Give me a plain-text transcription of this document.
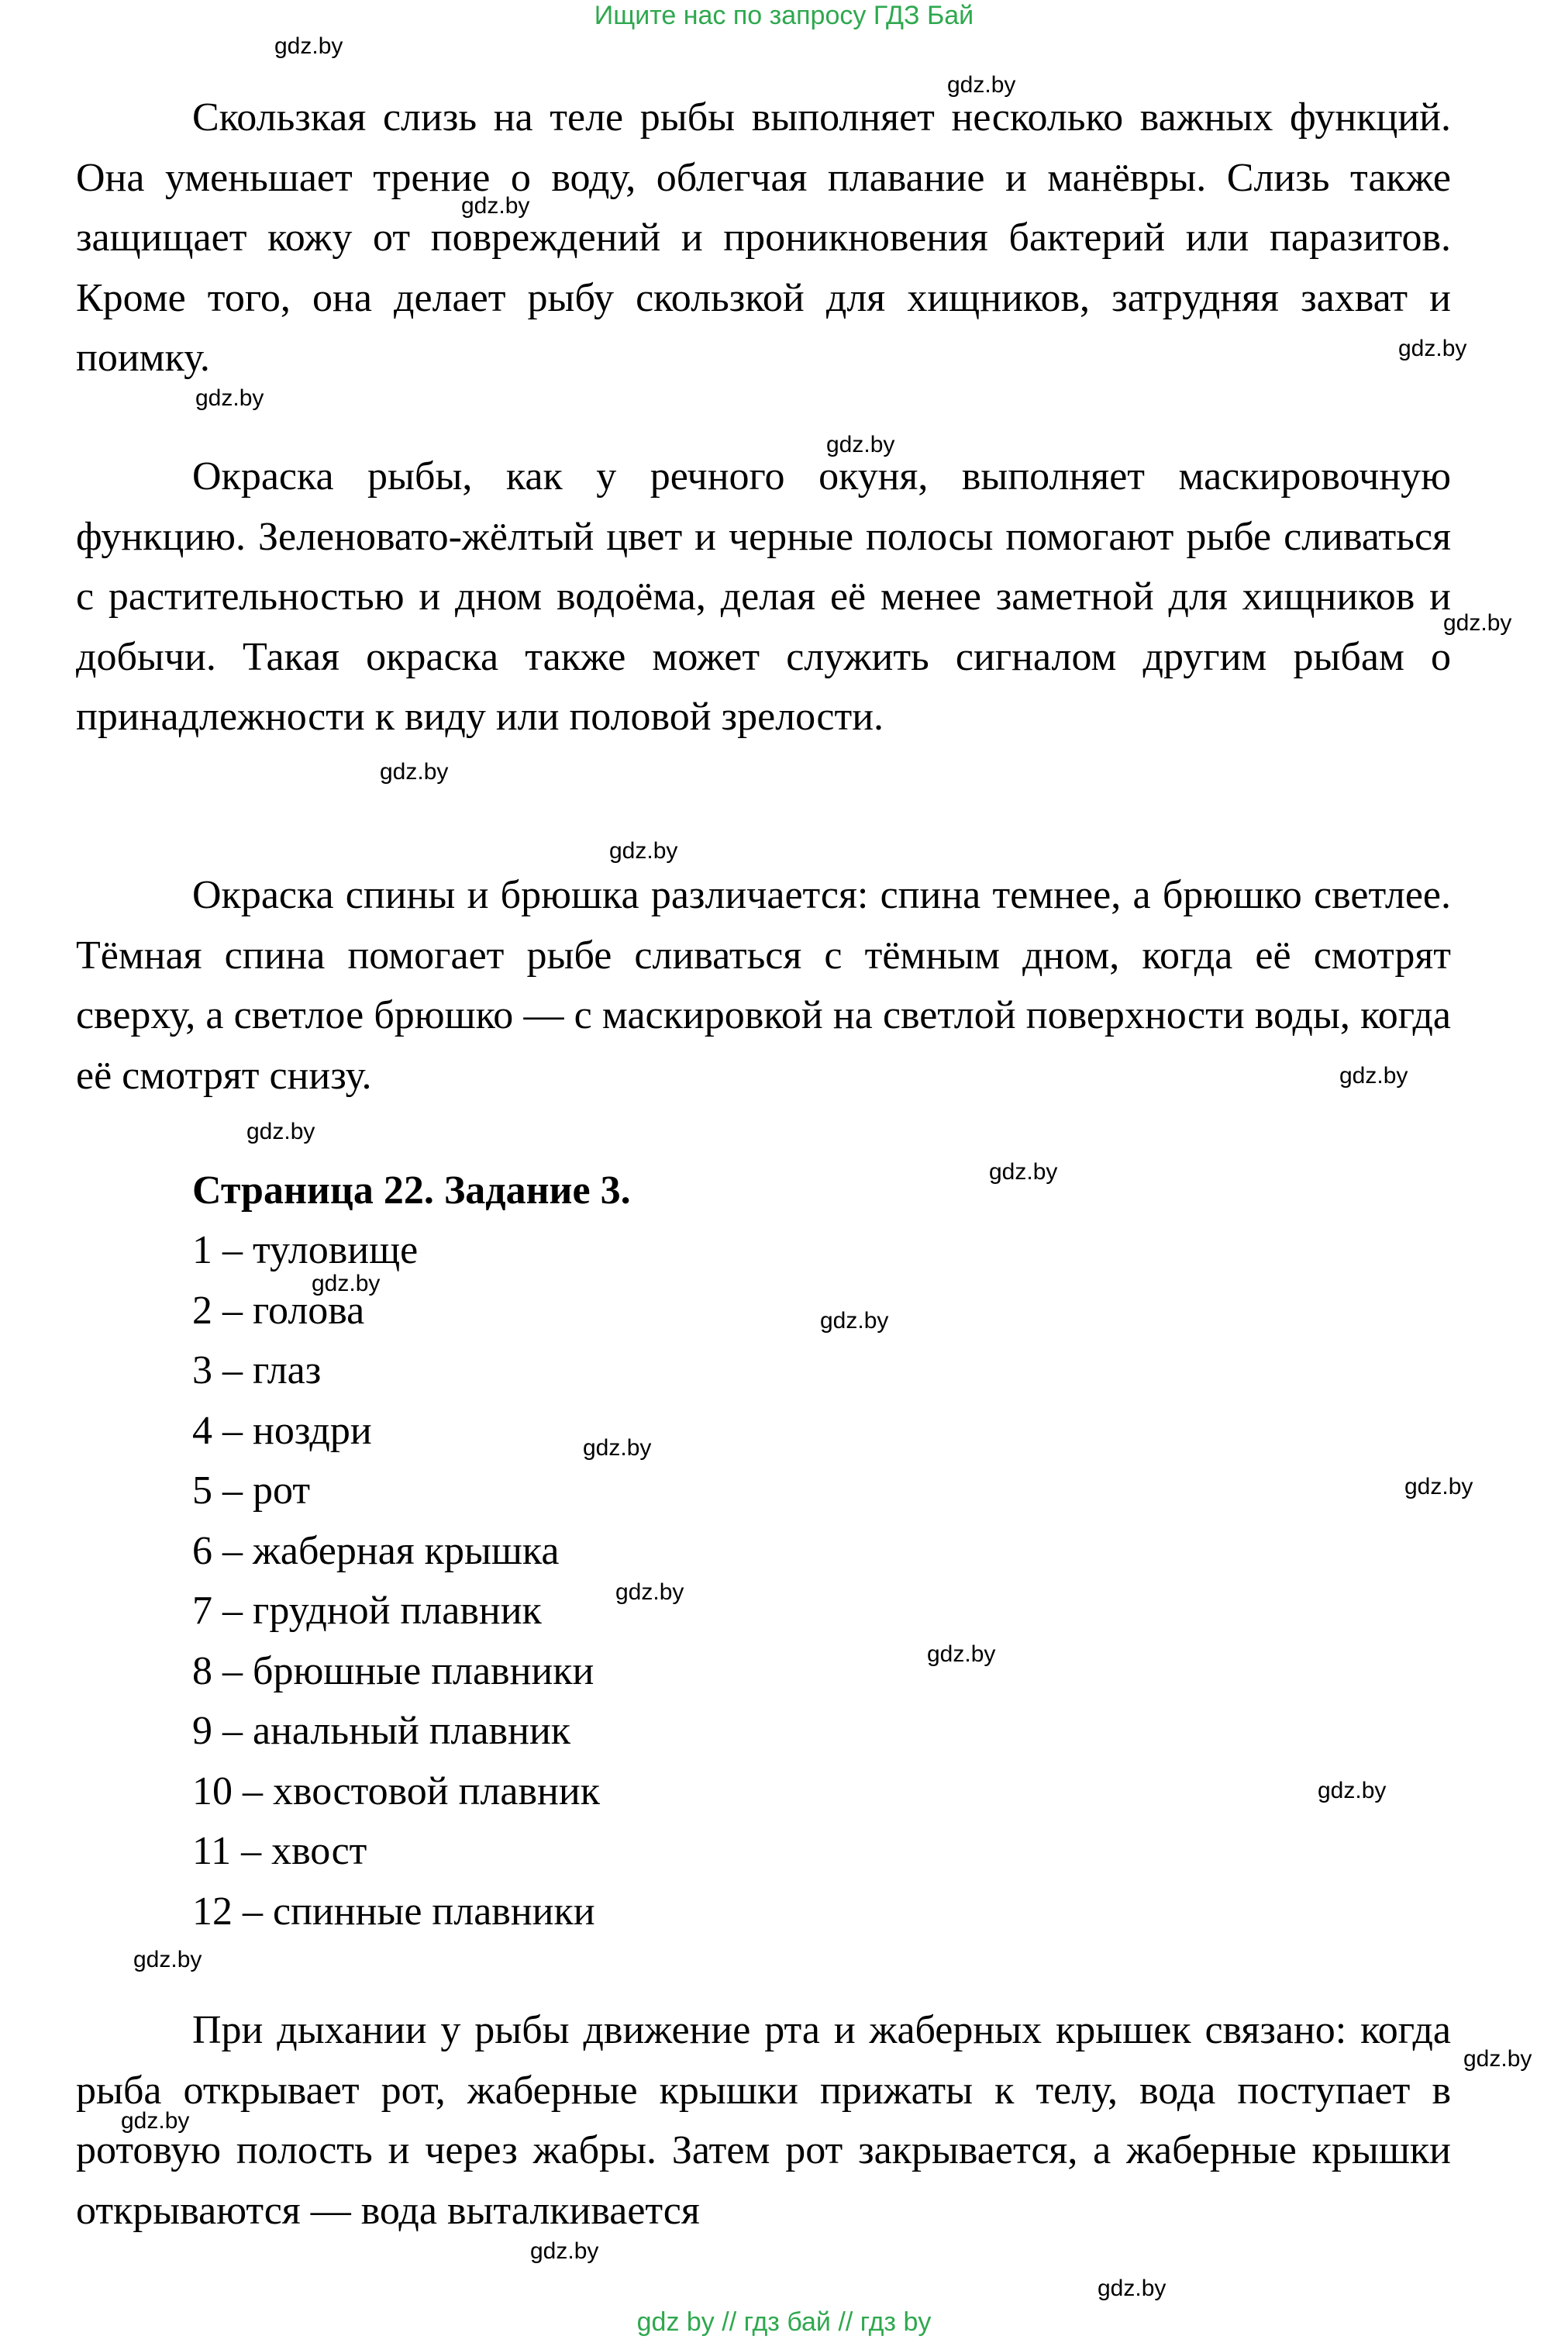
Ищите нас по запросу ГДЗ Бай
Скользкая слизь на теле рыбы выполняет несколько важных функций. Она уменьшает трение о воду, облегчая плавание и манёвры. Слизь также защищает кожу от повреждений и проникновения бактерий или паразитов. Кроме того, она делает рыбу скользкой для хищников, затрудняя захват и поимку.
Окраска рыбы, как у речного окуня, выполняет маскировочную функцию. Зеленовато-жёлтый цвет и черные полосы помогают рыбе сливаться с растительностью и дном водоёма, делая её менее заметной для хищников и добычи. Такая окраска также может служить сигналом другим рыбам о принадлежности к виду или половой зрелости.
Окраска спины и брюшка различается: спина темнее, а брюшко светлее. Тёмная спина помогает рыбе сливаться с тёмным дном, когда её смотрят сверху, а светлое брюшко — с маскировкой на светлой поверхности воды, когда её смотрят снизу.
Страница 22. Задание 3.
1 – туловище
2 – голова
3 – глаз
4 – ноздри
5 – рот
6 – жаберная крышка
7 – грудной плавник
8 – брюшные плавники
9 – анальный плавник
10 – хвостовой плавник
11 – хвост
12 – спинные плавники
При дыхании у рыбы движение рта и жаберных крышек связано: когда рыба открывает рот, жаберные крышки прижаты к телу, вода поступает в ротовую полость и через жабры. Затем рот закрывается, а жаберные крышки открываются — вода выталкивается
gdz.by
gdz.by
gdz.by
gdz.by
gdz.by
gdz.by
gdz.by
gdz.by
gdz.by
gdz.by
gdz.by
gdz.by
gdz.by
gdz.by
gdz.by
gdz.by
gdz.by
gdz.by
gdz.by
gdz.by
gdz.by
gdz.by
gdz.by
gdz.by
gdz by // гдз бай // гдз by
